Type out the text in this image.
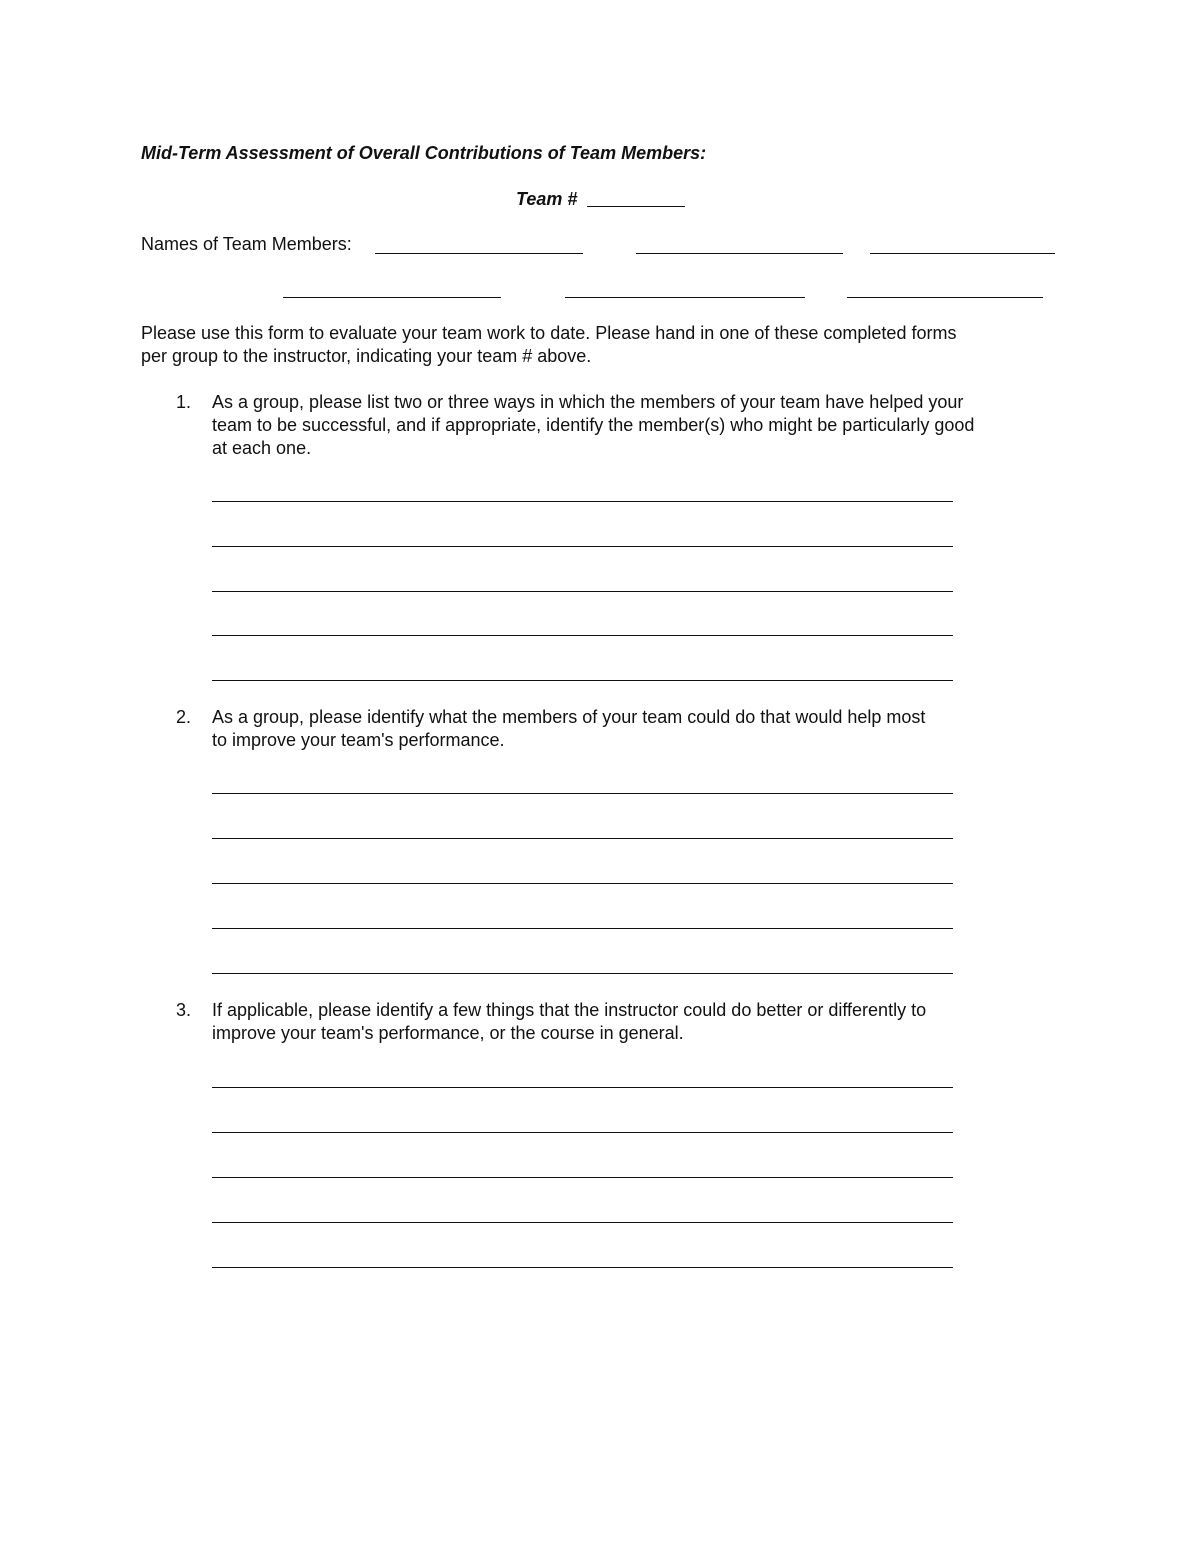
Mid-Term Assessment of Overall Contributions of Team Members:
Team #
Names of Team Members:
Please use this form to evaluate your team work to date. Please hand in one of these completed forms
per group to the instructor, indicating your team # above.
1. As a group, please list two or three ways in which the members of your team have helped your
team to be successful, and if appropriate, identify the member(s) who might be particularly good
at each one.
2. As a group, please identify what the members of your team could do that would help most
to improve your team's performance.
3. If applicable, please identify a few things that the instructor could do better or differently to
improve your team's performance, or the course in general.
